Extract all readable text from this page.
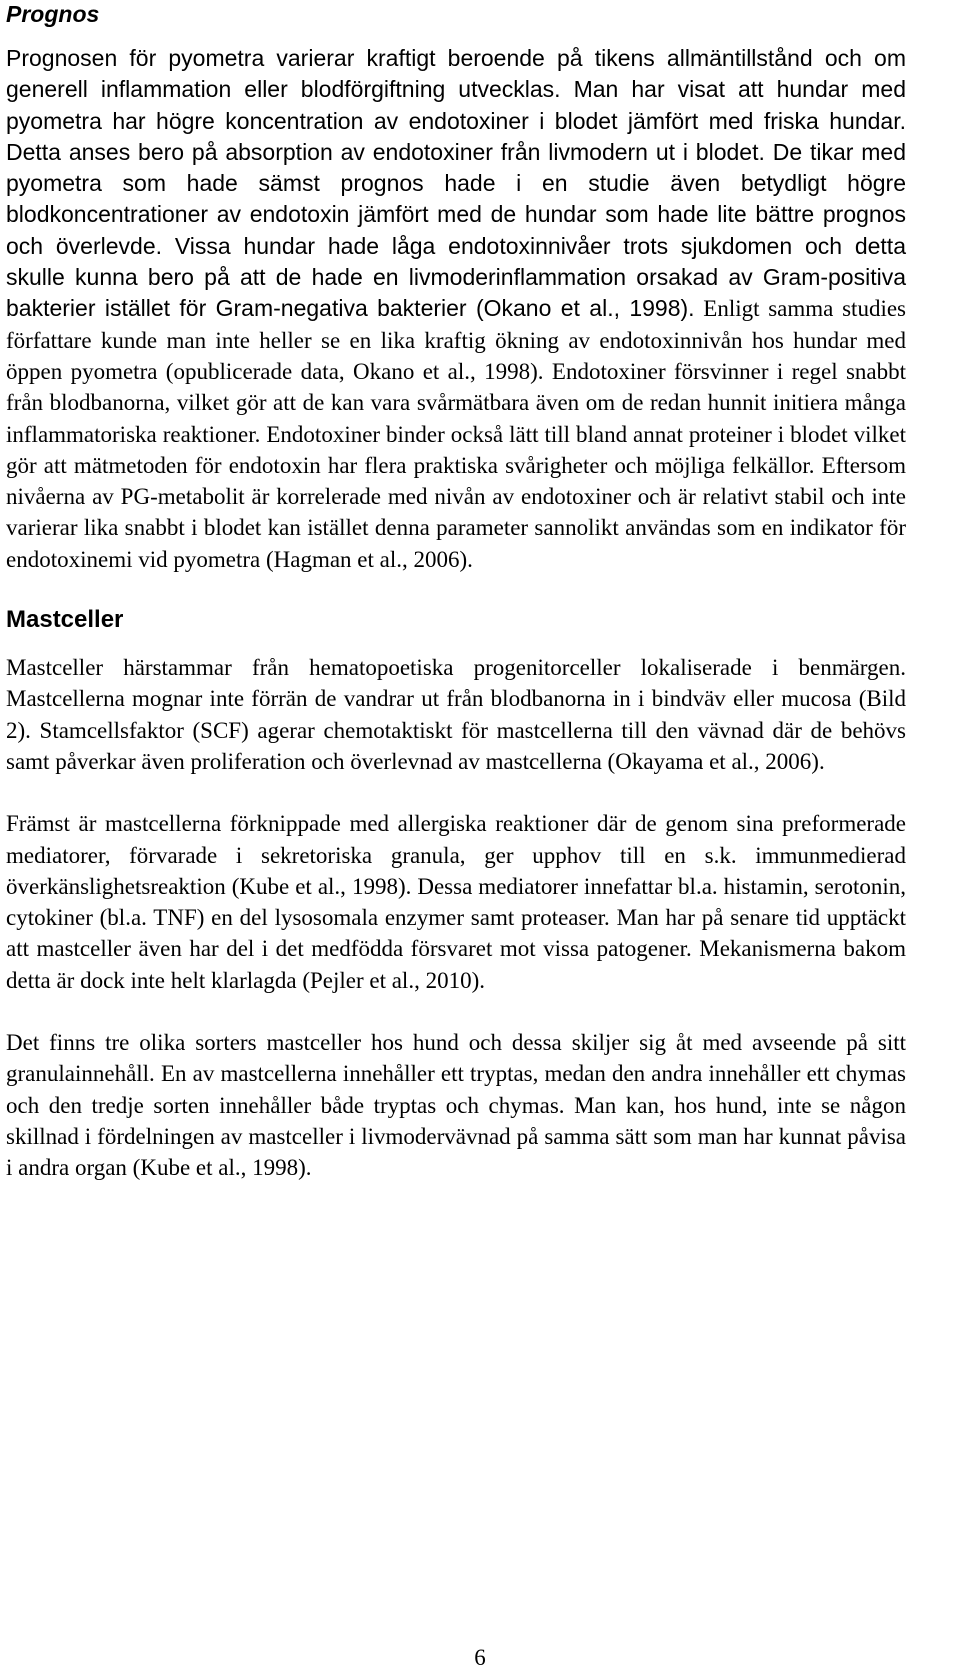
Prognos

Prognosen för pyometra varierar kraftigt beroende på tikens allmäntillstånd och om generell inflammation eller blodförgiftning utvecklas. Man har visat att hundar med pyometra har högre koncentration av endotoxiner i blodet jämfört med friska hundar. Detta anses bero på absorption av endotoxiner från livmodern ut i blodet. De tikar med pyometra som hade sämst prognos hade i en studie även betydligt högre blodkoncentrationer av endotoxin jämfört med de hundar som hade lite bättre prognos och överlevde. Vissa hundar hade låga endotoxinnivåer trots sjukdomen och detta skulle kunna bero på att de hade en livmoderinflammation orsakad av Gram-positiva bakterier istället för Gram-negativa bakterier (Okano et al., 1998). Enligt samma studies författare kunde man inte heller se en lika kraftig ökning av endotoxinnivån hos hundar med öppen pyometra (opublicerade data, Okano et al., 1998). Endotoxiner försvinner i regel snabbt från blodbanorna, vilket gör att de kan vara svårmätbara även om de redan hunnit initiera många inflammatoriska reaktioner. Endotoxiner binder också lätt till bland annat proteiner i blodet vilket gör att mätmetoden för endotoxin har flera praktiska svårigheter och möjliga felkällor. Eftersom nivåerna av PG-metabolit är korrelerade med nivån av endotoxiner och är relativt stabil och inte varierar lika snabbt i blodet kan istället denna parameter sannolikt användas som en indikator för endotoxinemi vid pyometra (Hagman et al., 2006).

Mastceller

Mastceller härstammar från hematopoetiska progenitorceller lokaliserade i benmärgen. Mastcellerna mognar inte förrän de vandrar ut från blodbanorna in i bindväv eller mucosa (Bild 2). Stamcellsfaktor (SCF) agerar chemotaktiskt för mastcellerna till den vävnad där de behövs samt påverkar även proliferation och överlevnad av mastcellerna (Okayama et al., 2006).

Främst är mastcellerna förknippade med allergiska reaktioner där de genom sina preformerade mediatorer, förvarade i sekretoriska granula, ger upphov till en s.k. immunmedierad överkänslighetsreaktion (Kube et al., 1998). Dessa mediatorer innefattar bl.a. histamin, serotonin, cytokiner (bl.a. TNF) en del lysosomala enzymer samt proteaser. Man har på senare tid upptäckt att mastceller även har del i det medfödda försvaret mot vissa patogener. Mekanismerna bakom detta är dock inte helt klarlagda (Pejler et al., 2010).

Det finns tre olika sorters mastceller hos hund och dessa skiljer sig åt med avseende på sitt granulainnehåll. En av mastcellerna innehåller ett tryptas, medan den andra innehåller ett chymas och den tredje sorten innehåller både tryptas och chymas. Man kan, hos hund, inte se någon skillnad i fördelningen av mastceller i livmodervävnad på samma sätt som man har kunnat påvisa i andra organ (Kube et al., 1998).

6
